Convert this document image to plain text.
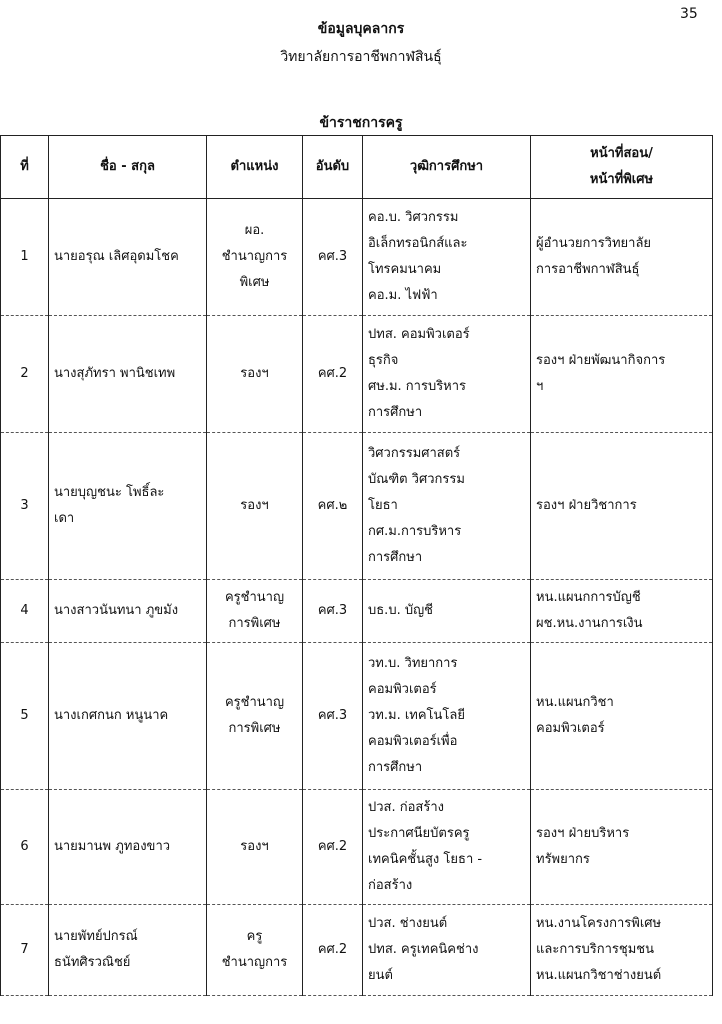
35
ข้อมูลบุคลากร
วิทยาลัยการอาชีพกาฬสินธุ์
ข้าราชการครู
ที่	ชื่อ - สกุล	ตำแหน่ง	อันดับ	วุฒิการศึกษา	หน้าที่สอน/
หน้าที่พิเศษ

1	นายอรุณ เลิศอุดมโชค	ผอ.
ชำนาญการ
พิเศษ	คศ.3	คอ.บ. วิศวกรรม
อิเล็กทรอนิกส์และ
โทรคมนาคม
คอ.ม. ไฟฟ้า	ผู้อำนวยการวิทยาลัย
การอาชีพกาฬสินธุ์

2	นางสุภัทรา พานิชเทพ	รองฯ	คศ.2	ปทส. คอมพิวเตอร์
ธุรกิจ
ศษ.ม. การบริหาร
การศึกษา	รองฯ ฝ่ายพัฒนากิจการ
ฯ

3	นายบุญชนะ โพธิ์ละ
เดา	รองฯ	คศ.๒	วิศวกรรมศาสตร์
บัณฑิต วิศวกรรม
โยธา
กศ.ม.การบริหาร
การศึกษา	รองฯ ฝ่ายวิชาการ

4	นางสาวนันทนา ภูขมัง	ครูชำนาญ
การพิเศษ	คศ.3	บธ.บ. บัญชี	หน.แผนกการบัญชี
ผช.หน.งานการเงิน

5	นางเกศกนก หนูนาค	ครูชำนาญ
การพิเศษ	คศ.3	วท.บ. วิทยาการ
คอมพิวเตอร์
วท.ม. เทคโนโลยี
คอมพิวเตอร์เพื่อ
การศึกษา	หน.แผนกวิชา
คอมพิวเตอร์

6	นายมานพ ภูทองขาว	รองฯ	คศ.2	ปวส. ก่อสร้าง
ประกาศนียบัตรครู
เทคนิคชั้นสูง โยธา -
ก่อสร้าง	รองฯ ฝ่ายบริหาร
ทรัพยากร

7	นายพัทย์ปกรณ์
ธนัทศิรวณิชย์	ครู
ชำนาญการ	คศ.2	ปวส. ช่างยนต์
ปทส. ครูเทคนิคช่าง
ยนต์	หน.งานโครงการพิเศษ
และการบริการชุมชน
หน.แผนกวิชาช่างยนต์
